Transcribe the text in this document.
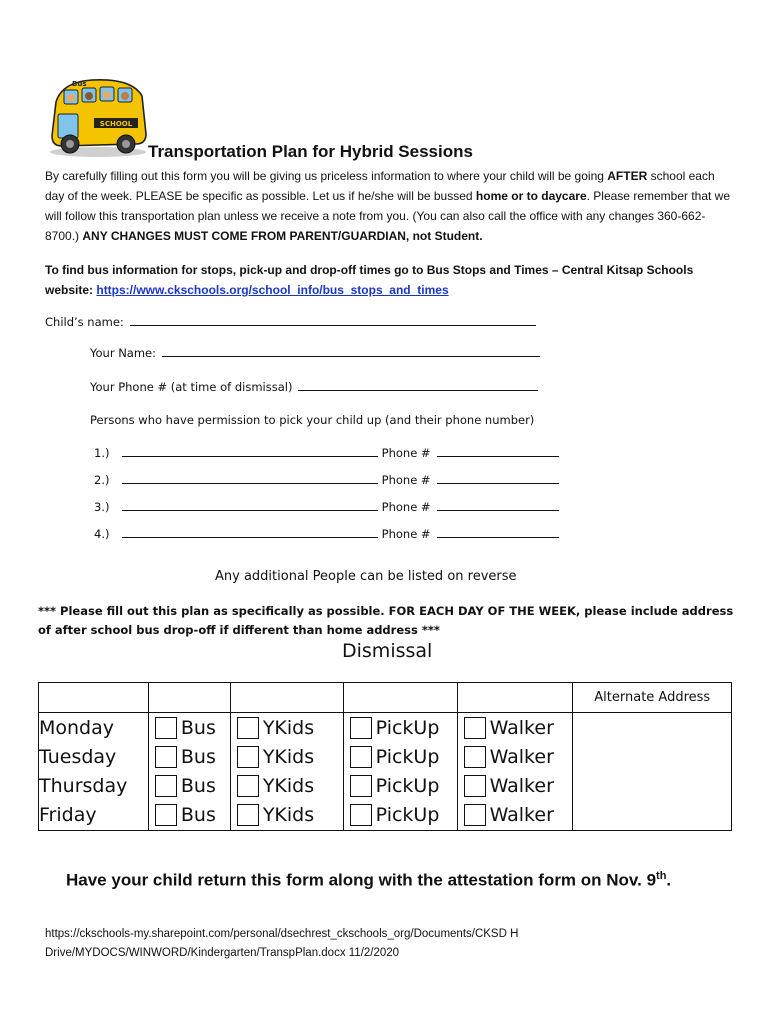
SCHOOL
Bus
Transportation Plan for Hybrid Sessions
By carefully filling out this form you will be giving us priceless information to where your child will be going AFTER school each day of the week. PLEASE be specific as possible. Let us if he/she will be bussed home or to daycare. Please remember that we will follow this transportation plan unless we receive a note from you. (You can also call the office with any changes 360-662-8700.) ANY CHANGES MUST COME FROM PARENT/GUARDIAN, not Student.
To find bus information for stops, pick-up and drop-off times go to Bus Stops and Times – Central Kitsap Schools website: https://www.ckschools.org/school_info/bus_stops_and_times
Child’s name:
Your Name:
Your Phone # (at time of dismissal)
Persons who have permission to pick your child up (and their phone number)
1.)	Phone #
2.)	Phone #
3.)	Phone #
4.)	Phone #
Any additional People can be listed on reverse
*** Please fill out this plan as specifically as possible. FOR EACH DAY OF THE WEEK, please include address of after school bus drop-off if different than home address ***
Dismissal
					Alternate Address
Monday	Bus	YKids	PickUp	Walker	

Tuesday	Bus	YKids	PickUp	Walker	

Thursday	Bus	YKids	PickUp	Walker	

Friday	Bus	YKids	PickUp	Walker	

Have your child return this form along with the attestation form on Nov. 9th.
https://ckschools-my.sharepoint.com/personal/dsechrest_ckschools_org/Documents/CKSD H Drive/MYDOCS/WINWORD/Kindergarten/TranspPlan.docx 11/2/2020
